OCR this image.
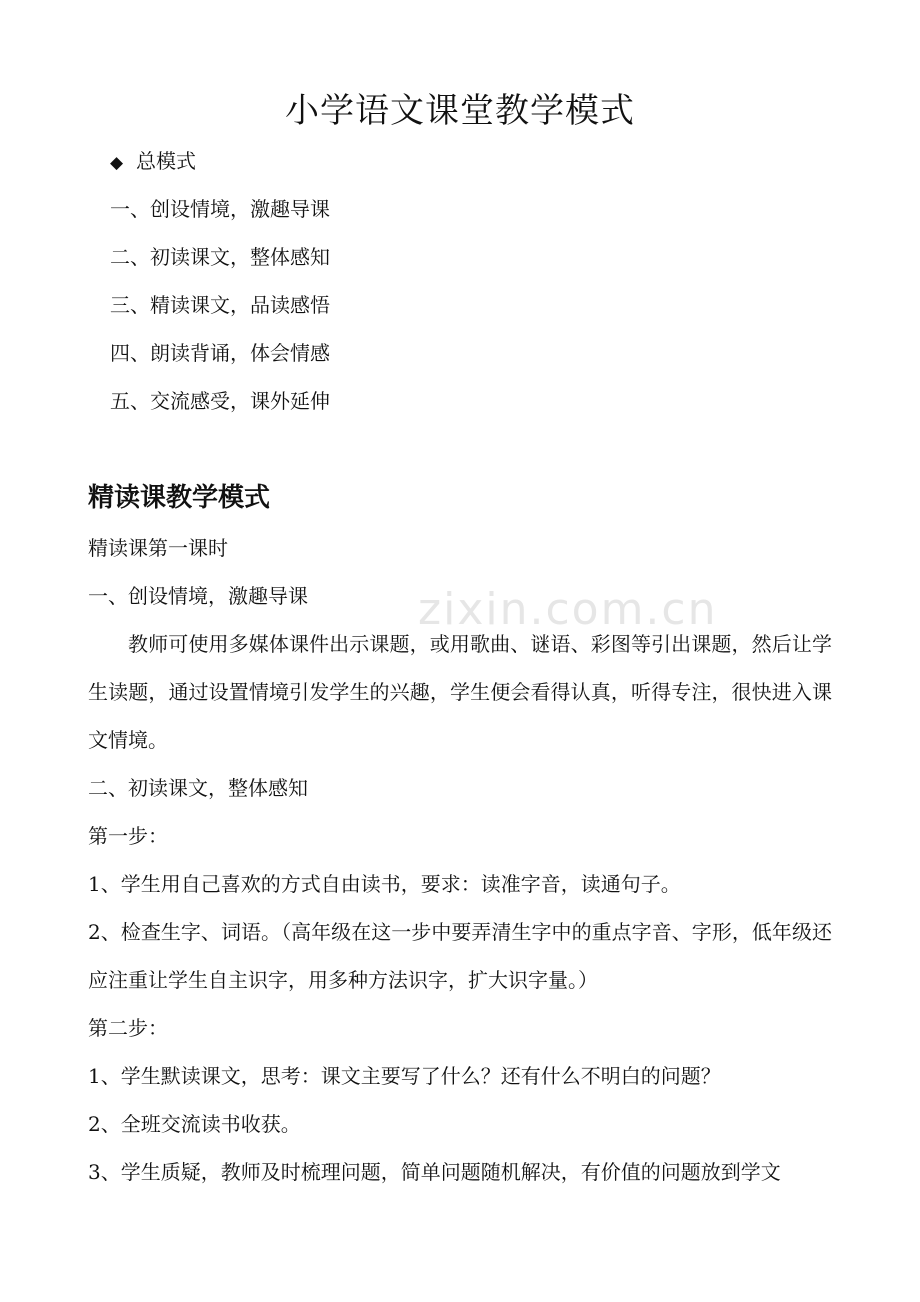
zixin.com.cn
小学语文课堂教学模式
◆ 总模式
一、创设情境，激趣导课
二、初读课文，整体感知
三、精读课文，品读感悟
四、朗读背诵，体会情感
五、交流感受，课外延伸
精读课教学模式
精读课第一课时
一、创设情境，激趣导课
教师可使用多媒体课件出示课题，或用歌曲、谜语、彩图等引出课题，然后让学生读题，通过设置情境引发学生的兴趣，学生便会看得认真，听得专注，很快进入课文情境。
二、初读课文，整体感知
第一步：
1、学生用自己喜欢的方式自由读书，要求：读准字音，读通句子。
2、检查生字、词语。（高年级在这一步中要弄清生字中的重点字音、字形，低年级还应注重让学生自主识字，用多种方法识字，扩大识字量。）
第二步：
1、学生默读课文，思考：课文主要写了什么？还有什么不明白的问题？
2、全班交流读书收获。
3、学生质疑，教师及时梳理问题，简单问题随机解决，有价值的问题放到学文
